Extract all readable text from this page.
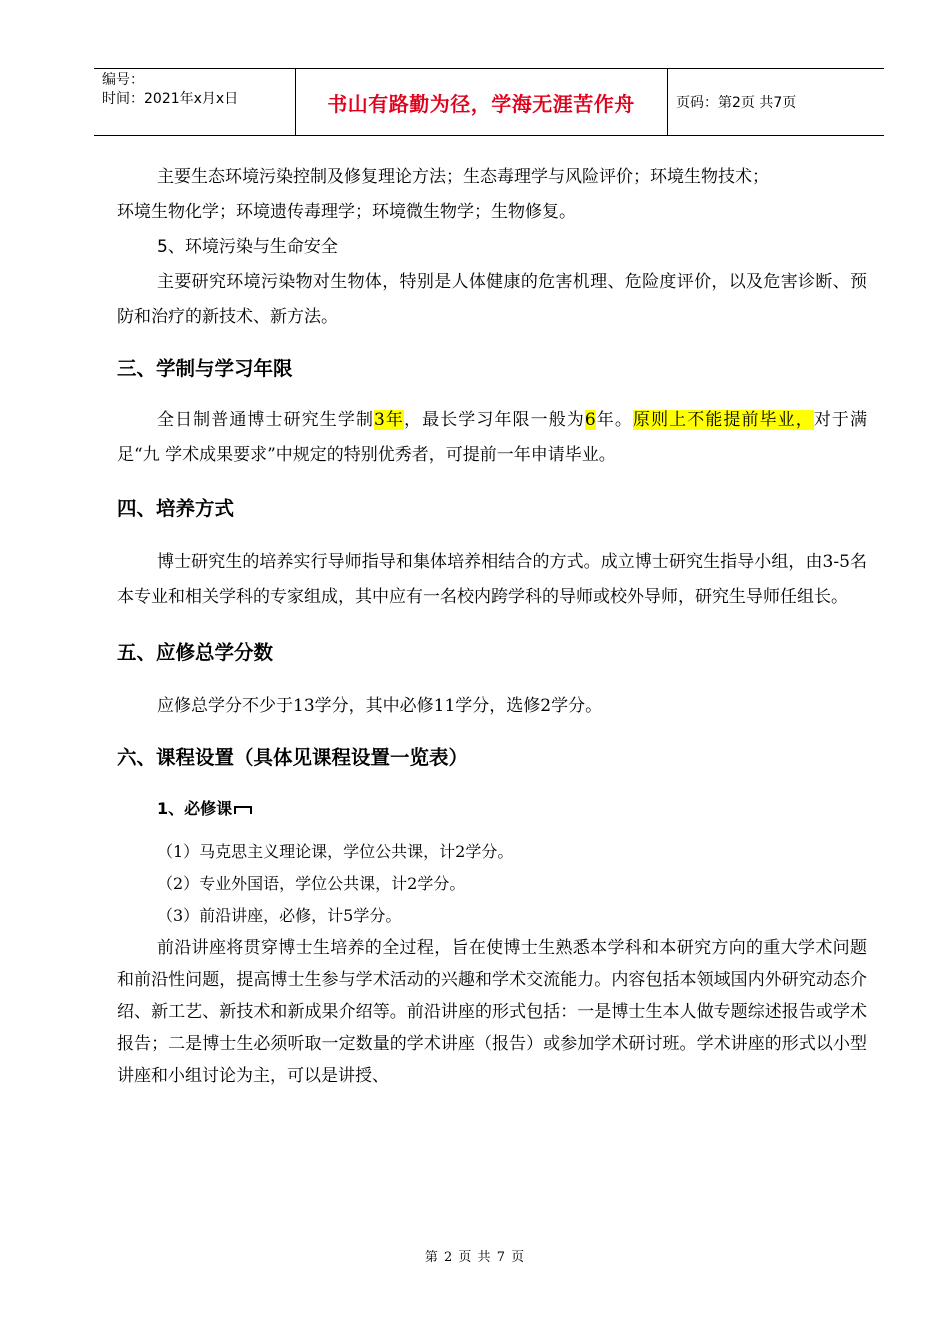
编号：
时间：2021年x月x日	书山有路勤为径，学海无涯苦作舟	页码：第2页 共7页

主要生态环境污染控制及修复理论方法；生态毒理学与风险评价；环境生物技术；

环境生物化学；环境遗传毒理学；环境微生物学；生物修复。

5、环境污染与生命安全

主要研究环境污染物对生物体，特别是人体健康的危害机理、危险度评价，以及危害诊断、预防和治疗的新技术、新方法。

三、学制与学习年限

全日制普通博士研究生学制3年，最长学习年限一般为6年。原则上不能提前毕业，对于满足“九 学术成果要求”中规定的特别优秀者，可提前一年申请毕业。

四、培养方式

博士研究生的培养实行导师指导和集体培养相结合的方式。成立博士研究生指导小组，由3-5名本专业和相关学科的专家组成，其中应有一名校内跨学科的导师或校外导师，研究生导师任组长。

五、应修总学分数

应修总学分不少于13学分，其中必修11学分，选修2学分。

六、课程设置（具体见课程设置一览表）

1、必修课

（1）马克思主义理论课，学位公共课，计2学分。

（2）专业外国语，学位公共课，计2学分。

（3）前沿讲座，必修，计5学分。

前沿讲座将贯穿博士生培养的全过程，旨在使博士生熟悉本学科和本研究方向的重大学术问题和前沿性问题，提高博士生参与学术活动的兴趣和学术交流能力。内容包括本领域国内外研究动态介绍、新工艺、新技术和新成果介绍等。前沿讲座的形式包括：一是博士生本人做专题综述报告或学术报告；二是博士生必须听取一定数量的学术讲座（报告）或参加学术研讨班。学术讲座的形式以小型讲座和小组讨论为主，可以是讲授、

第 2 页 共 7 页
